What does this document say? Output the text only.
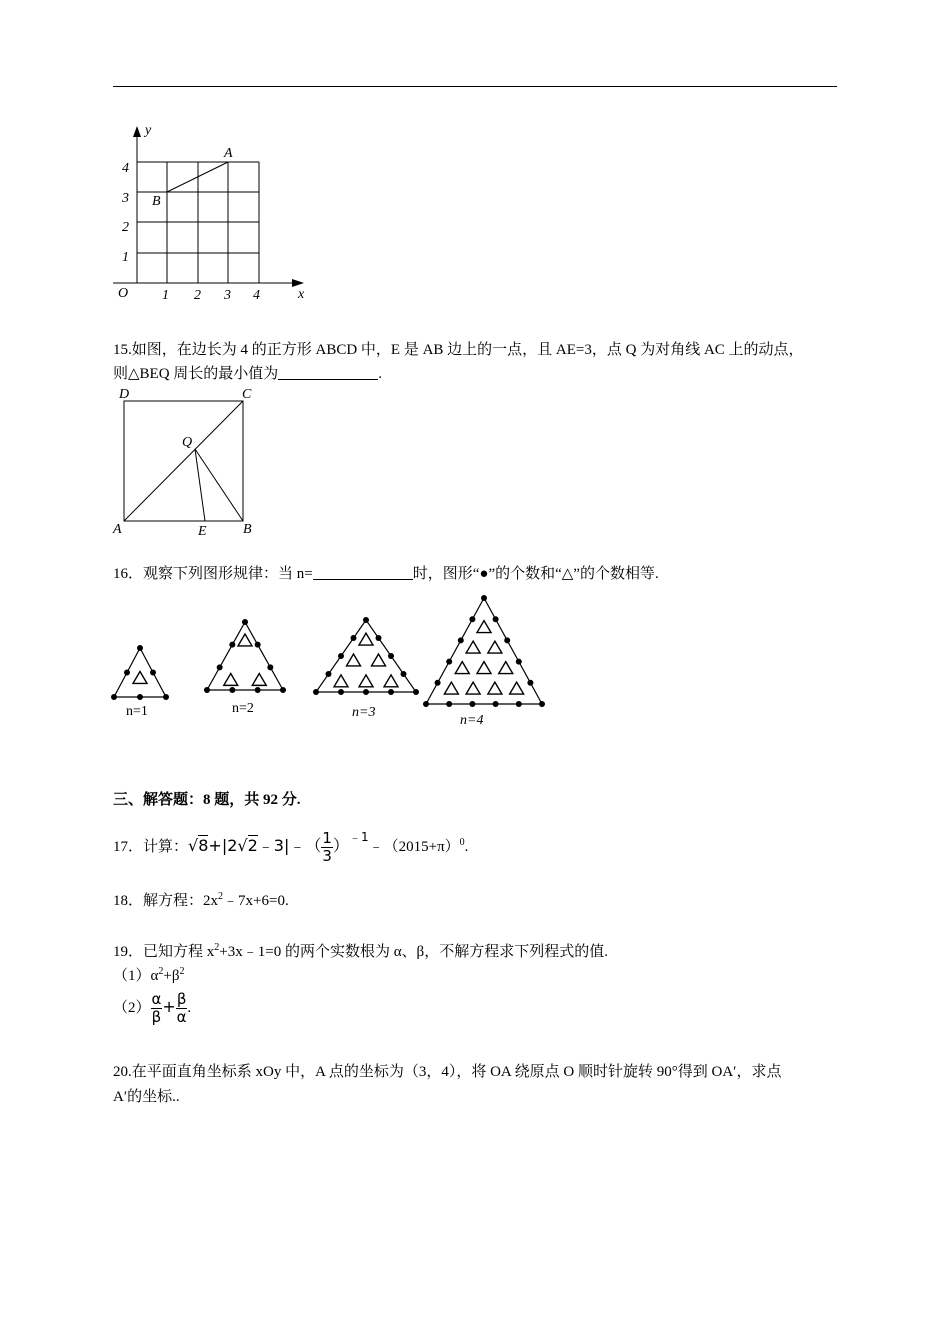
y
x
O
4
3
2
1
1 2 3 4
A
B
15.如图，在边长为 4 的正方形 ABCD 中，E 是 AB 边上的一点，且 AE=3，点 Q 为对角线 AC 上的动点，
则△BEQ 周长的最小值为	.
D	C
A	B
E
Q
16．观察下列图形规律：当 n=	时，图形“●”的个数和“△”的个数相等.
n=1	n=2	n=3
n=4
三、解答题：8 题，共 92 分.
17．计算：√8+|2√2﹣3|﹣（ $\frac{1}{3}$ ）$^{﹣1}﹣(2015+\pi)^0$.
18．解方程：$2x^2﹣7x+6=0$.
19．已知方程 $x^2+3x﹣1=0$ 的两个实数根为 α、β，不解方程求下列程式的值.
$(1)\alpha^2+\beta^2$
$(2) \frac{\alpha}{\beta} + \frac{\beta}{\alpha}$ .
20.在平面直角坐标系 xOy 中，A 点的坐标为（3，4），将 OA 绕原点 O 顺时针旋转 90°得到 OA′，求点
A′的坐标..
